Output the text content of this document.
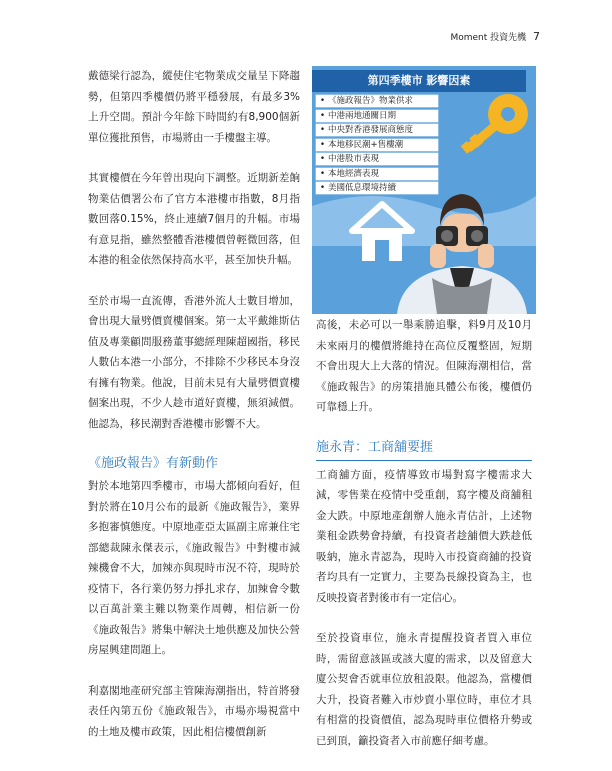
Moment 投資先機 7

戴德梁行認為，縱使住宅物業成交量呈下降趨勢，但第四季樓價仍將平穩發展，有最多3%上升空間。預計今年餘下時間約有8,900個新單位獲批預售，市場將由一手樓盤主導。

其實樓價在今年曾出現向下調整。近期新差餉物業估價署公布了官方本港樓市指數，8月指數回落0.15%，終止連續7個月的升幅。市場有意見指，雖然整體香港樓價曾輕微回落，但本港的租金依然保持高水平，甚至加快升幅。

至於市場一直流傳，香港外流人士數目增加，會出現大量劈價賣樓個案。第一太平戴維斯估值及專業顧問服務董事總經理陳超國指，移民人數佔本港一小部分，不排除不少移民本身沒有擁有物業。他說，目前未見有大量劈價賣樓個案出現，不少人趁市道好賣樓，無須減價。他認為，移民潮對香港樓市影響不大。

《施政報告》有新動作

對於本地第四季樓市，市場大都傾向看好，但對於將在10月公布的最新《施政報告》，業界多抱審慎態度。中原地產亞太區副主席兼住宅部總裁陳永傑表示，《施政報告》中對樓市減辣機會不大，加辣亦與現時市況不符，現時於疫情下，各行業仍努力掙扎求存，加辣會令數以百萬計業主難以物業作周轉，相信新一份《施政報告》將集中解決土地供應及加快公營房屋興建問題上。

利嘉閣地產研究部主管陳海潮指出，特首將發表任內第五份《施政報告》，市場亦場視當中的土地及樓市政策，因此相信樓價創新

第四季樓市 影響因素
• 《施政報告》物業供求
• 中港兩地通關日期
• 中央對香港發展商態度
• 本地移民潮+售樓潮
• 中港股市表現
• 本地經濟表現
• 美國低息環境持續

高後，未必可以一舉乘勝追擊，料9月及10月未來兩月的樓價將維持在高位反覆整固，短期不會出現大上大落的情況。但陳海潮相信，當《施政報告》的房策措施具體公布後，樓價仍可靠穩上升。

施永青：工商舖要捱

工商舖方面，疫情導致市場對寫字樓需求大減，零售業在疫情中受重創，寫字樓及商舖租金大跌。中原地產創辦人施永青估計，上述物業租金跌勢會持續，有投資者趁舖價大跌趁低吸納，施永青認為，現時入市投資商舖的投資者均具有一定實力，主要為長線投資為主，也反映投資者對後市有一定信心。

至於投資車位，施永青提醒投資者買入車位時，需留意該區或該大廈的需求，以及留意大廈公契會否就車位放租設限。他認為，當樓價大升，投資者難入市炒賣小單位時，車位才具有相當的投資價值，認為現時車位價格升勢或已到頂，籲投資者入市前應仔細考慮。
